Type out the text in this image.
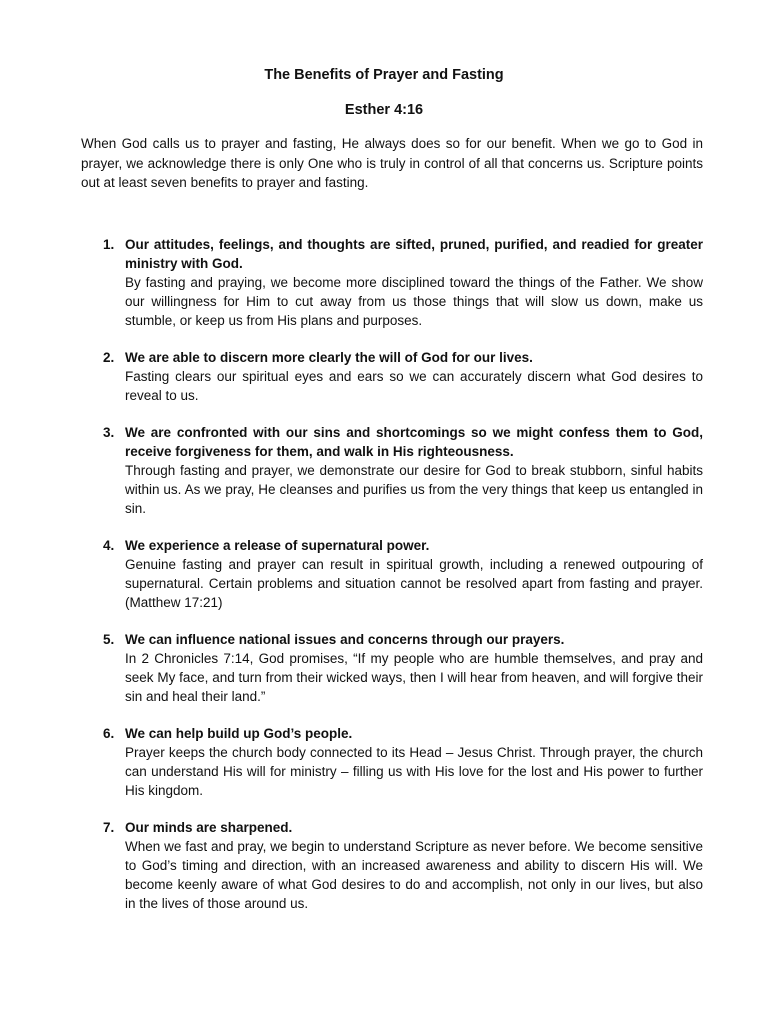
The Benefits of Prayer and Fasting
Esther 4:16

When God calls us to prayer and fasting, He always does so for our benefit. When we go to God in prayer, we acknowledge there is only One who is truly in control of all that concerns us. Scripture points out at least seven benefits to prayer and fasting.

1. Our attitudes, feelings, and thoughts are sifted, pruned, purified, and readied for greater ministry with God.

By fasting and praying, we become more disciplined toward the things of the Father. We show our willingness for Him to cut away from us those things that will slow us down, make us stumble, or keep us from His plans and purposes.

2. We are able to discern more clearly the will of God for our lives.

Fasting clears our spiritual eyes and ears so we can accurately discern what God desires to reveal to us.

3. We are confronted with our sins and shortcomings so we might confess them to God, receive forgiveness for them, and walk in His righteousness.

Through fasting and prayer, we demonstrate our desire for God to break stubborn, sinful habits within us. As we pray, He cleanses and purifies us from the very things that keep us entangled in sin.

4. We experience a release of supernatural power.

Genuine fasting and prayer can result in spiritual growth, including a renewed outpouring of supernatural. Certain problems and situation cannot be resolved apart from fasting and prayer. (Matthew 17:21)

5. We can influence national issues and concerns through our prayers.

In 2 Chronicles 7:14, God promises, “If my people who are humble themselves, and pray and seek My face, and turn from their wicked ways, then I will hear from heaven, and will forgive their sin and heal their land.”

6. We can help build up God’s people.

Prayer keeps the church body connected to its Head – Jesus Christ. Through prayer, the church can understand His will for ministry – filling us with His love for the lost and His power to further His kingdom.

7. Our minds are sharpened.

When we fast and pray, we begin to understand Scripture as never before. We become sensitive to God’s timing and direction, with an increased awareness and ability to discern His will. We become keenly aware of what God desires to do and accomplish, not only in our lives, but also in the lives of those around us.
